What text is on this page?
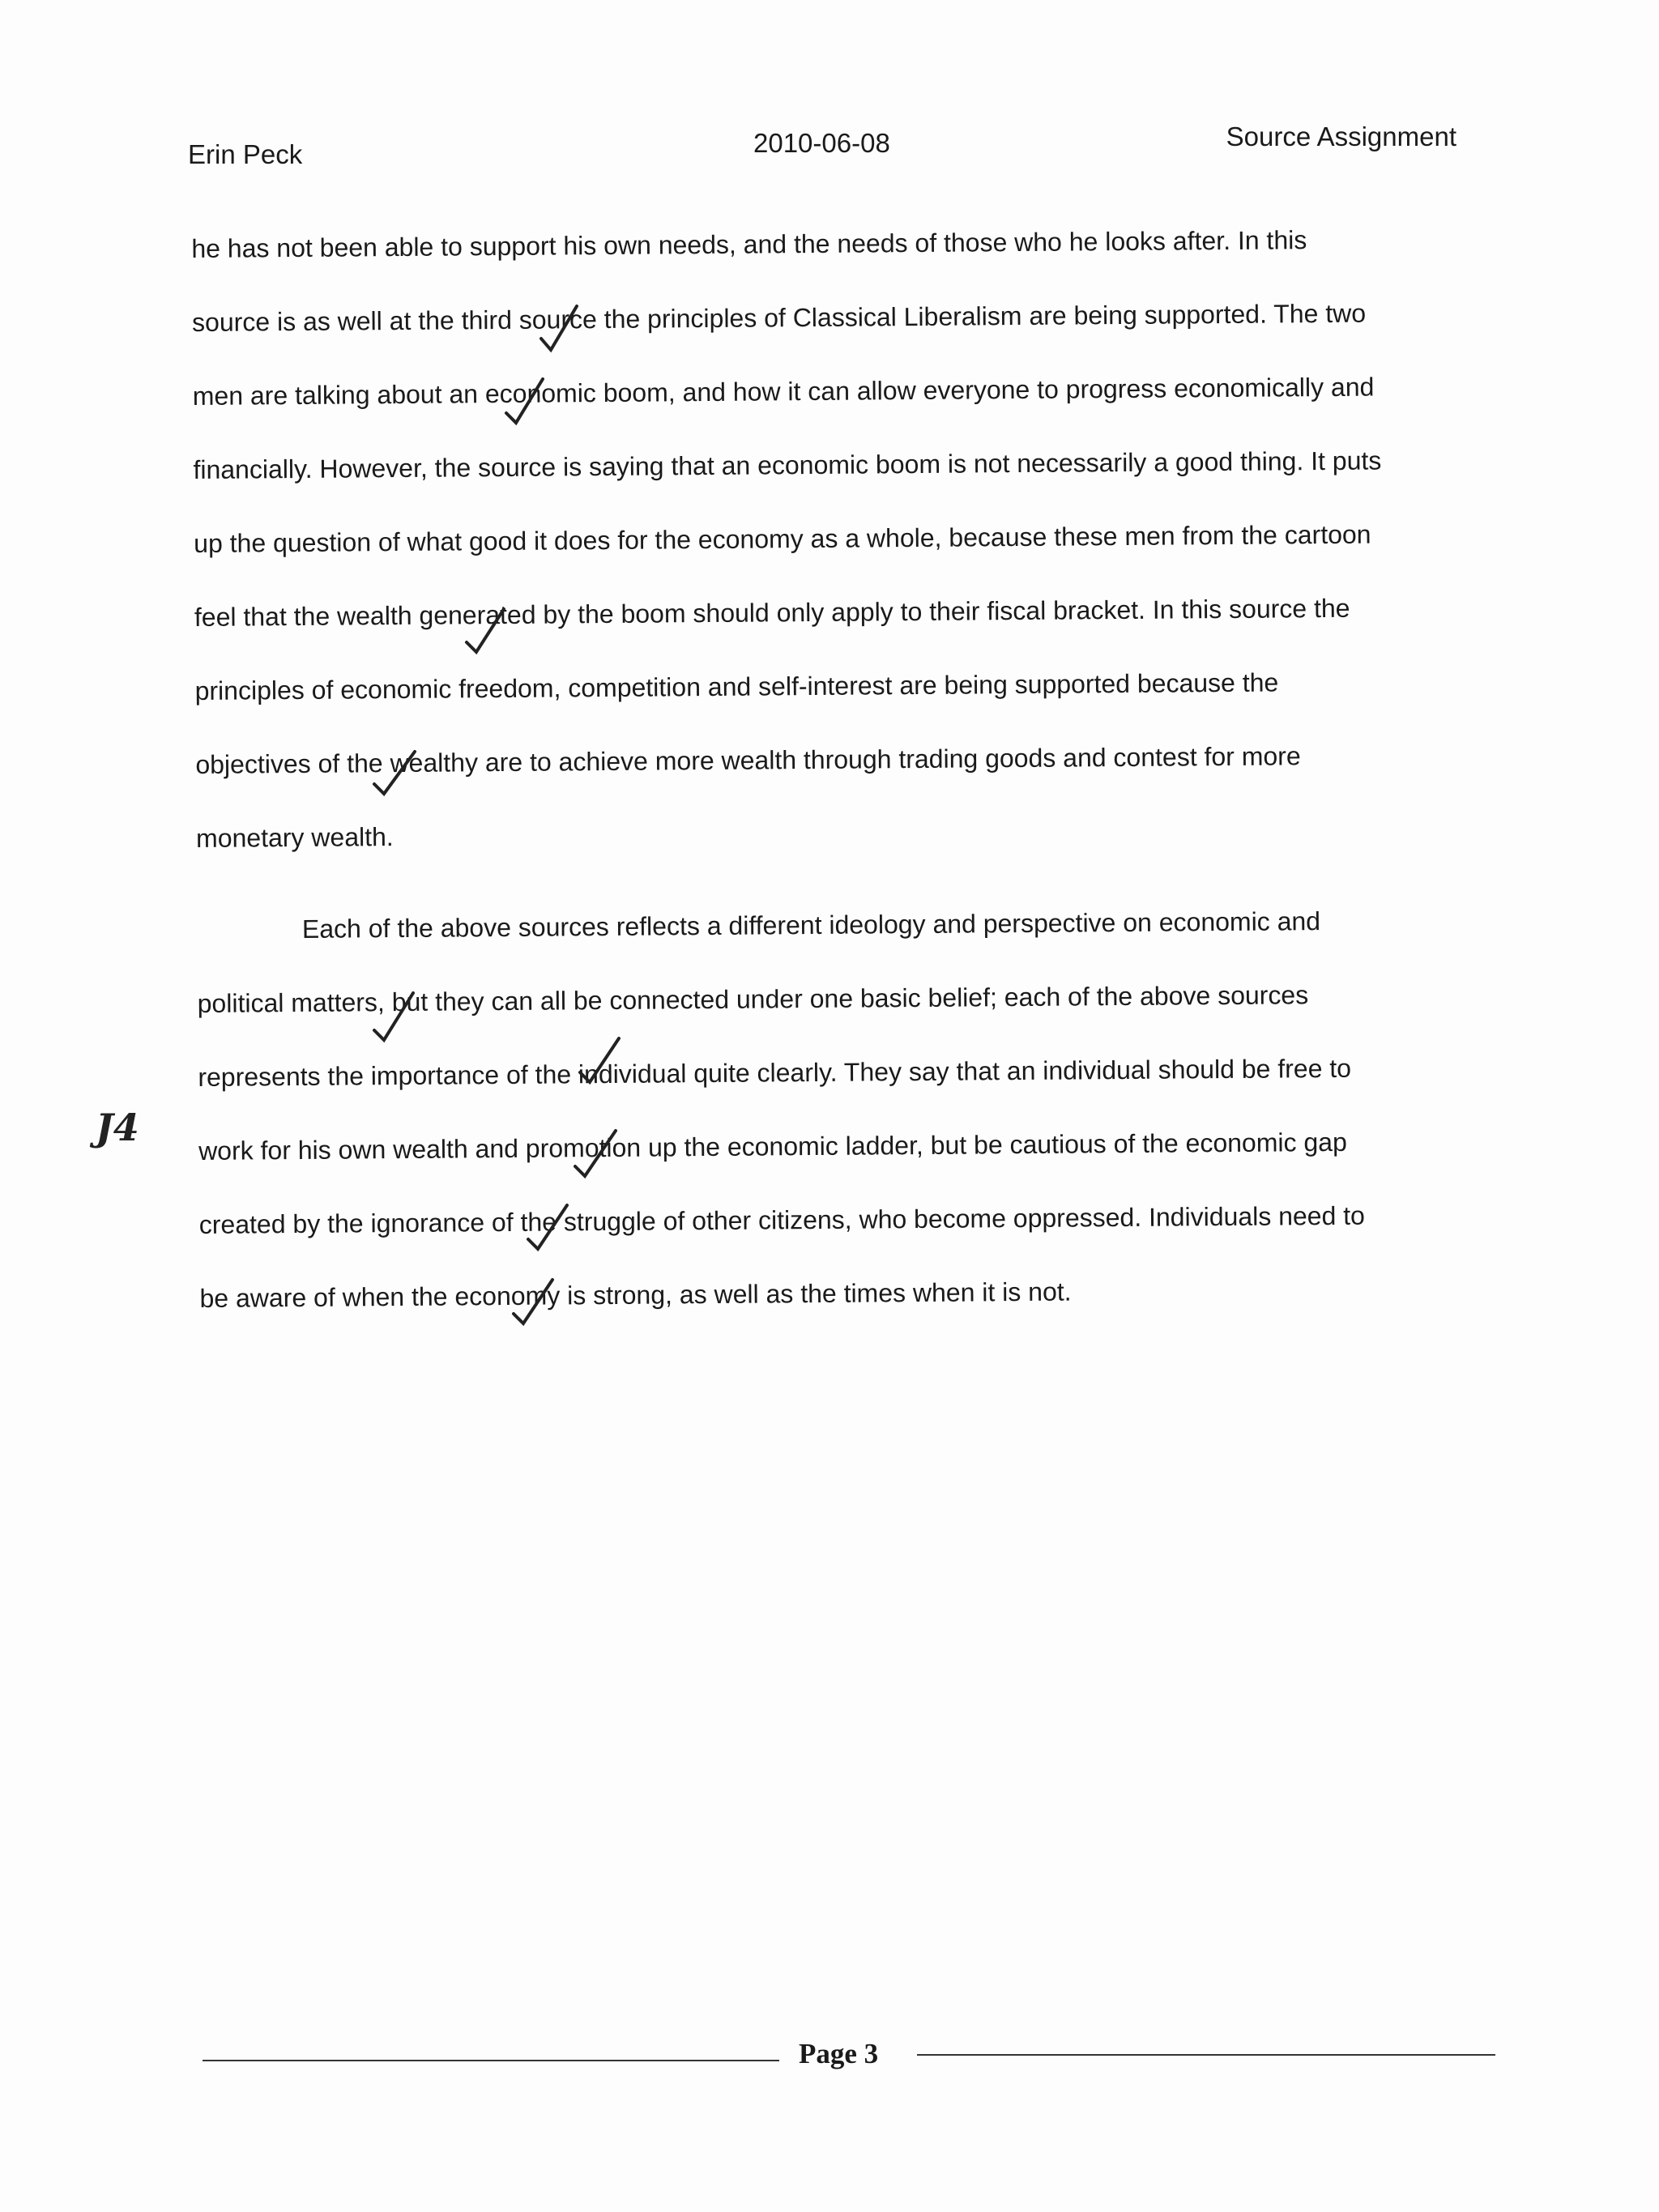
Erin Peck	2010-06-08	Source Assignment

he has not been able to support his own needs, and the needs of those who he looks after. In this
source is as well at the third source the principles of Classical Liberalism are being supported. The two
men are talking about an economic boom, and how it can allow everyone to progress economically and
financially. However, the source is saying that an economic boom is not necessarily a good thing. It puts
up the question of what good it does for the economy as a whole, because these men from the cartoon
feel that the wealth generated by the boom should only apply to their fiscal bracket. In this source the
principles of economic freedom, competition and self-interest are being supported because the
objectives of the wealthy are to achieve more wealth through trading goods and contest for more
monetary wealth.

Each of the above sources reflects a different ideology and perspective on economic and
political matters, but they can all be connected under one basic belief; each of the above sources
represents the importance of the individual quite clearly. They say that an individual should be free to
work for his own wealth and promotion up the economic ladder, but be cautious of the economic gap
created by the ignorance of the struggle of other citizens, who become oppressed. Individuals need to
be aware of when the economy is strong, as well as the times when it is not.

J4
Page 3
